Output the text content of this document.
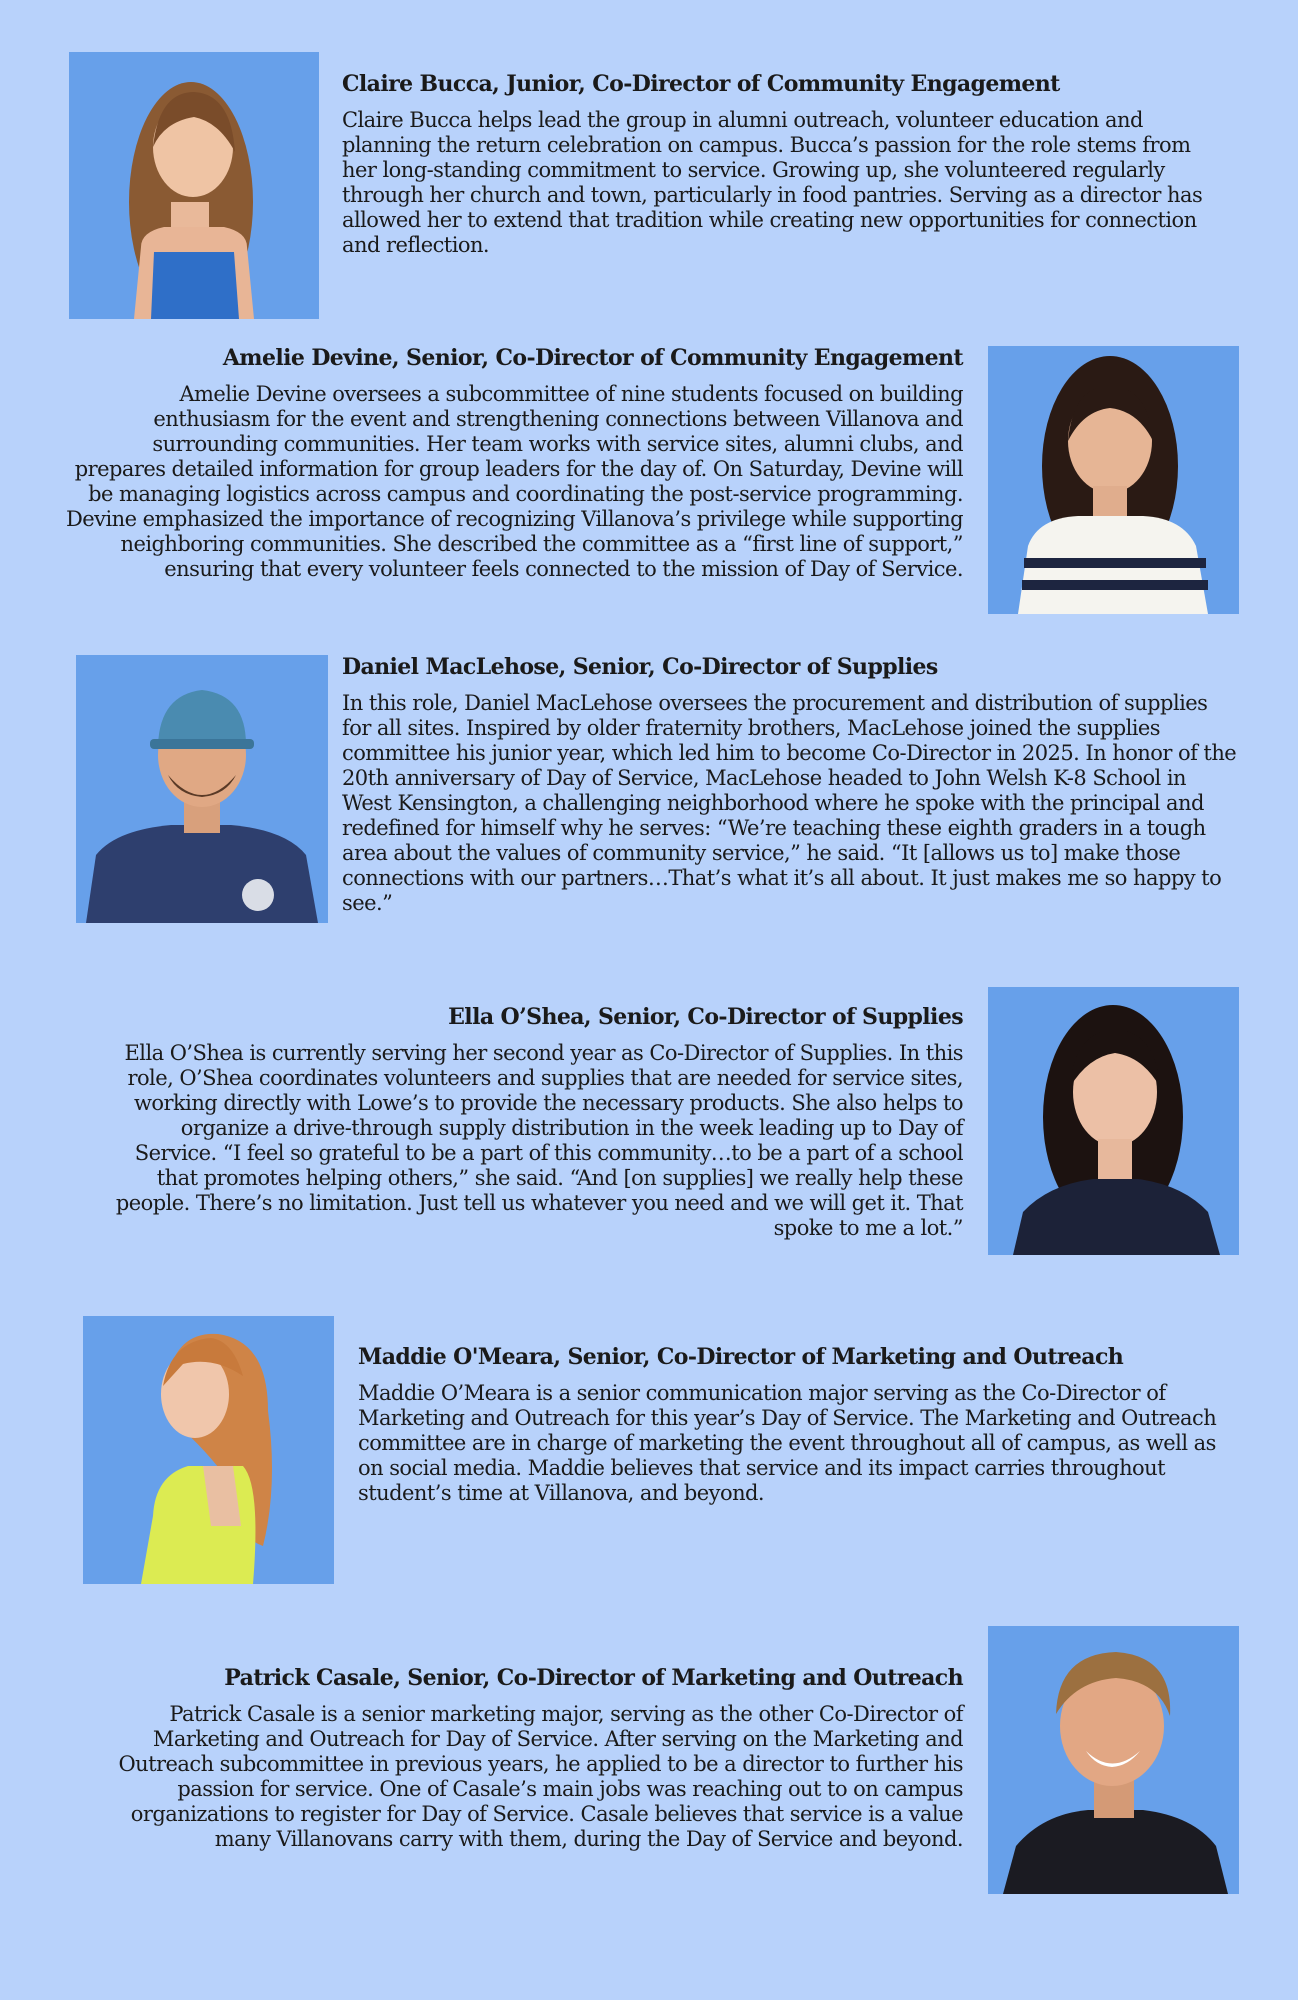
Claire Bucca, Junior, Co-Director of Community Engagement

Claire Bucca helps lead the group in alumni outreach, volunteer education and planning the return celebration on campus. Bucca’s passion for the role stems from her long-standing commitment to service. Growing up, she volunteered regularly through her church and town, particularly in food pantries. Serving as a director has allowed her to extend that tradition while creating new opportunities for connection and reflection.

Amelie Devine, Senior, Co-Director of Community Engagement

Amelie Devine oversees a subcommittee of nine students focused on building enthusiasm for the event and strengthening connections between Villanova and surrounding communities. Her team works with service sites, alumni clubs, and prepares detailed information for group leaders for the day of. On Saturday, Devine will be managing logistics across campus and coordinating the post-service programming. Devine emphasized the importance of recognizing Villanova’s privilege while supporting neighboring communities. She described the committee as a “first line of support,” ensuring that every volunteer feels connected to the mission of Day of Service.

Daniel MacLehose, Senior, Co-Director of Supplies

In this role, Daniel MacLehose oversees the procurement and distribution of supplies for all sites. Inspired by older fraternity brothers, MacLehose joined the supplies committee his junior year, which led him to become Co-Director in 2025. In honor of the 20th anniversary of Day of Service, MacLehose headed to John Welsh K-8 School in West Kensington, a challenging neighborhood where he spoke with the principal and redefined for himself why he serves: “We’re teaching these eighth graders in a tough area about the values of community service,” he said. “It [allows us to] make those connections with our partners…That’s what it’s all about. It just makes me so happy to see.”

Ella O’Shea, Senior, Co-Director of Supplies

Ella O’Shea is currently serving her second year as Co-Director of Supplies. In this role, O’Shea coordinates volunteers and supplies that are needed for service sites, working directly with Lowe’s to provide the necessary products. She also helps to organize a drive-through supply distribution in the week leading up to Day of Service. “I feel so grateful to be a part of this community…to be a part of a school that promotes helping others,” she said. “And [on supplies] we really help these people. There’s no limitation. Just tell us whatever you need and we will get it. That spoke to me a lot.”

Maddie O'Meara, Senior, Co-Director of Marketing and Outreach

Maddie O’Meara is a senior communication major serving as the Co-Director of Marketing and Outreach for this year’s Day of Service. The Marketing and Outreach committee are in charge of marketing the event throughout all of campus, as well as on social media. Maddie believes that service and its impact carries throughout student’s time at Villanova, and beyond.

Patrick Casale, Senior, Co-Director of Marketing and Outreach

Patrick Casale is a senior marketing major, serving as the other Co-Director of Marketing and Outreach for Day of Service. After serving on the Marketing and Outreach subcommittee in previous years, he applied to be a director to further his passion for service. One of Casale’s main jobs was reaching out to on campus organizations to register for Day of Service. Casale believes that service is a value many Villanovans carry with them, during the Day of Service and beyond.
